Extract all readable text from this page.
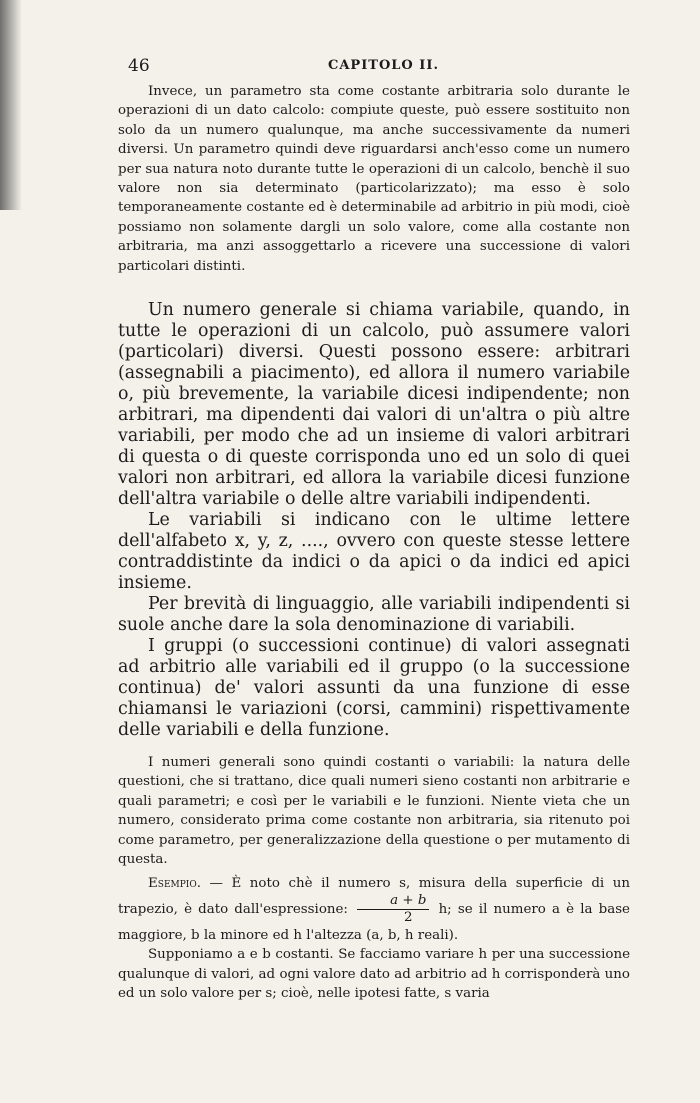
46	CAPITOLO II.

Invece, un parametro sta come costante arbitraria solo durante le operazioni di un dato calcolo: compiute queste, può essere sostituito non solo da un numero qualunque, ma anche successivamente da numeri diversi. Un parametro quindi deve riguardarsi anch'esso come un numero per sua natura noto durante tutte le operazioni di un calcolo, benchè il suo valore non sia determinato (particolarizzato); ma esso è solo temporaneamente costante ed è determinabile ad arbitrio in più modi, cioè possiamo non solamente dargli un solo valore, come alla costante non arbitraria, ma anzi assoggettarlo a ricevere una successione di valori particolari distinti.

Un numero generale si chiama variabile, quando, in tutte le operazioni di un calcolo, può assumere valori (particolari) diversi. Questi possono essere: arbitrari (assegnabili a piacimento), ed allora il numero variabile o, più brevemente, la variabile dicesi indipendente; non arbitrari, ma dipendenti dai valori di un'altra o più altre variabili, per modo che ad un insieme di valori arbitrari di questa o di queste corrisponda uno ed un solo di quei valori non arbitrari, ed allora la variabile dicesi funzione dell'altra variabile o delle altre variabili indipendenti.

Le variabili si indicano con le ultime lettere dell'alfabeto x, y, z, ...., ovvero con queste stesse lettere contraddistinte da indici o da apici o da indici ed apici insieme.

Per brevità di linguaggio, alle variabili indipendenti si suole anche dare la sola denominazione di variabili.

I gruppi (o successioni continue) di valori assegnati ad arbitrio alle variabili ed il gruppo (o la successione continua) de' valori assunti da una funzione di esse chiamansi le variazioni (corsi, cammini) rispettivamente delle variabili e della funzione.

I numeri generali sono quindi costanti o variabili: la natura delle questioni, che si trattano, dice quali numeri sieno costanti non arbitrarie e quali parametri; e così per le variabili e le funzioni. Niente vieta che un numero, considerato prima come costante non arbitraria, sia ritenuto poi come parametro, per generalizzazione della questione o per mutamento di questa.

Esempio. — È noto chè il numero s, misura della superficie di un trapezio, è dato dall'espressione: $\frac{a + b}{2} h$; se il numero a è la base maggiore, b la minore ed h l'altezza (a, b, h reali).

Supponiamo a e b costanti. Se facciamo variare h per una successione qualunque di valori, ad ogni valore dato ad arbitrio ad h corrisponderà uno ed un solo valore per s; cioè, nelle ipotesi fatte, s varia
